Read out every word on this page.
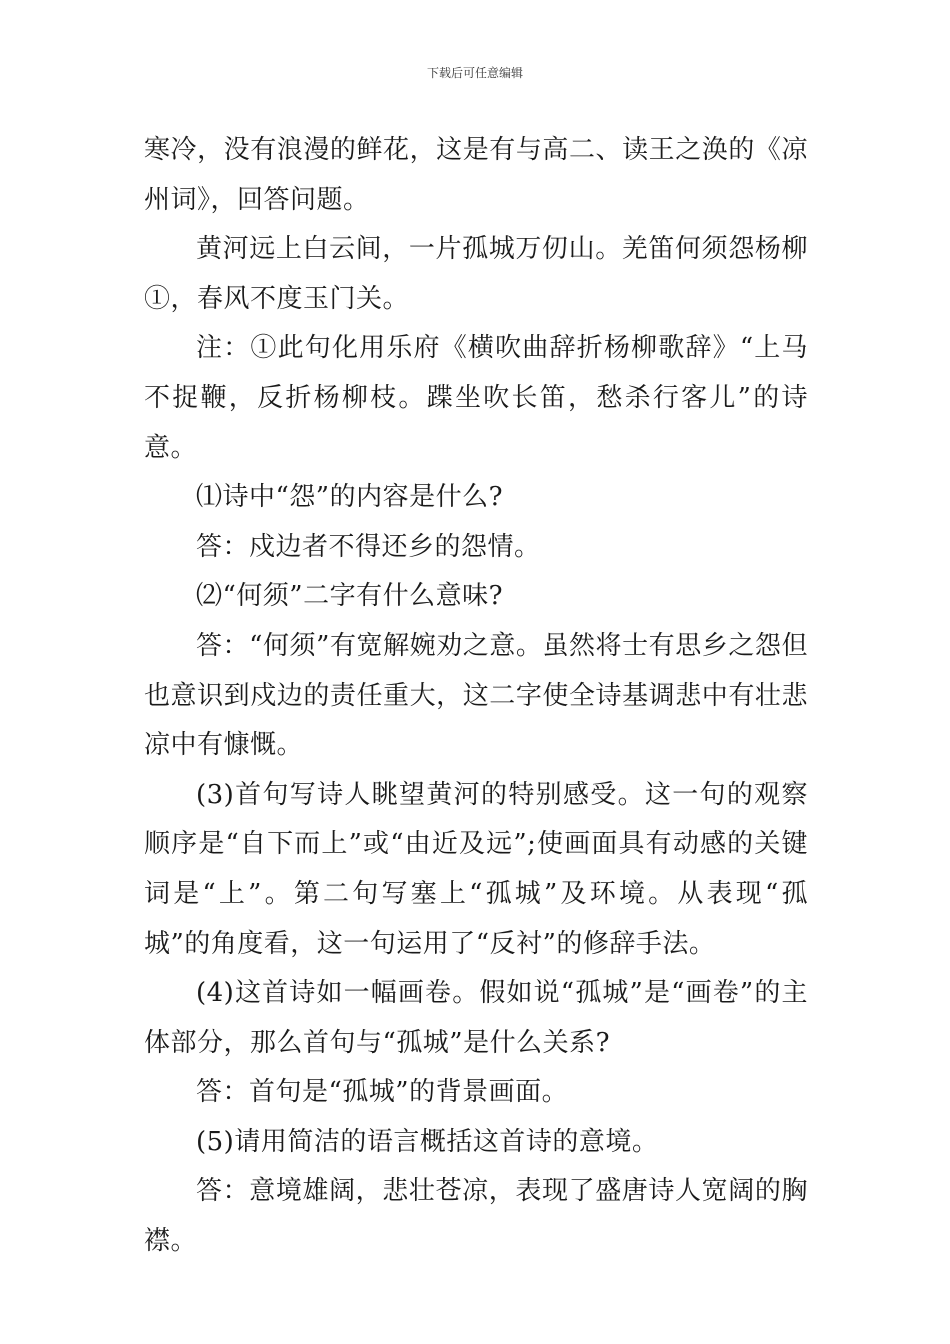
下载后可任意编辑

寒冷，没有浪漫的鲜花，这是有与高二、读王之涣的《凉州词》，回答问题。

黄河远上白云间，一片孤城万仞山。羌笛何须怨杨柳①，春风不度玉门关。

注：①此句化用乐府《横吹曲辞折杨柳歌辞》“上马不捉鞭，反折杨柳枝。蹀坐吹长笛，愁杀行客儿”的诗意。

⑴诗中“怨”的内容是什么?

答：戍边者不得还乡的怨情。

⑵“何须”二字有什么意味?

答：“何须”有宽解婉劝之意。虽然将士有思乡之怨但也意识到戍边的责任重大，这二字使全诗基调悲中有壮悲凉中有慷慨。

(3)首句写诗人眺望黄河的特别感受。这一句的观察顺序是“自下而上”或“由近及远”;使画面具有动感的关键词是“上”。第二句写塞上“孤城”及环境。从表现“孤城”的角度看，这一句运用了“反衬”的修辞手法。

(4)这首诗如一幅画卷。假如说“孤城”是“画卷”的主体部分，那么首句与“孤城”是什么关系?

答：首句是“孤城”的背景画面。

(5)请用简洁的语言概括这首诗的意境。

答：意境雄阔，悲壮苍凉，表现了盛唐诗人宽阔的胸襟。
